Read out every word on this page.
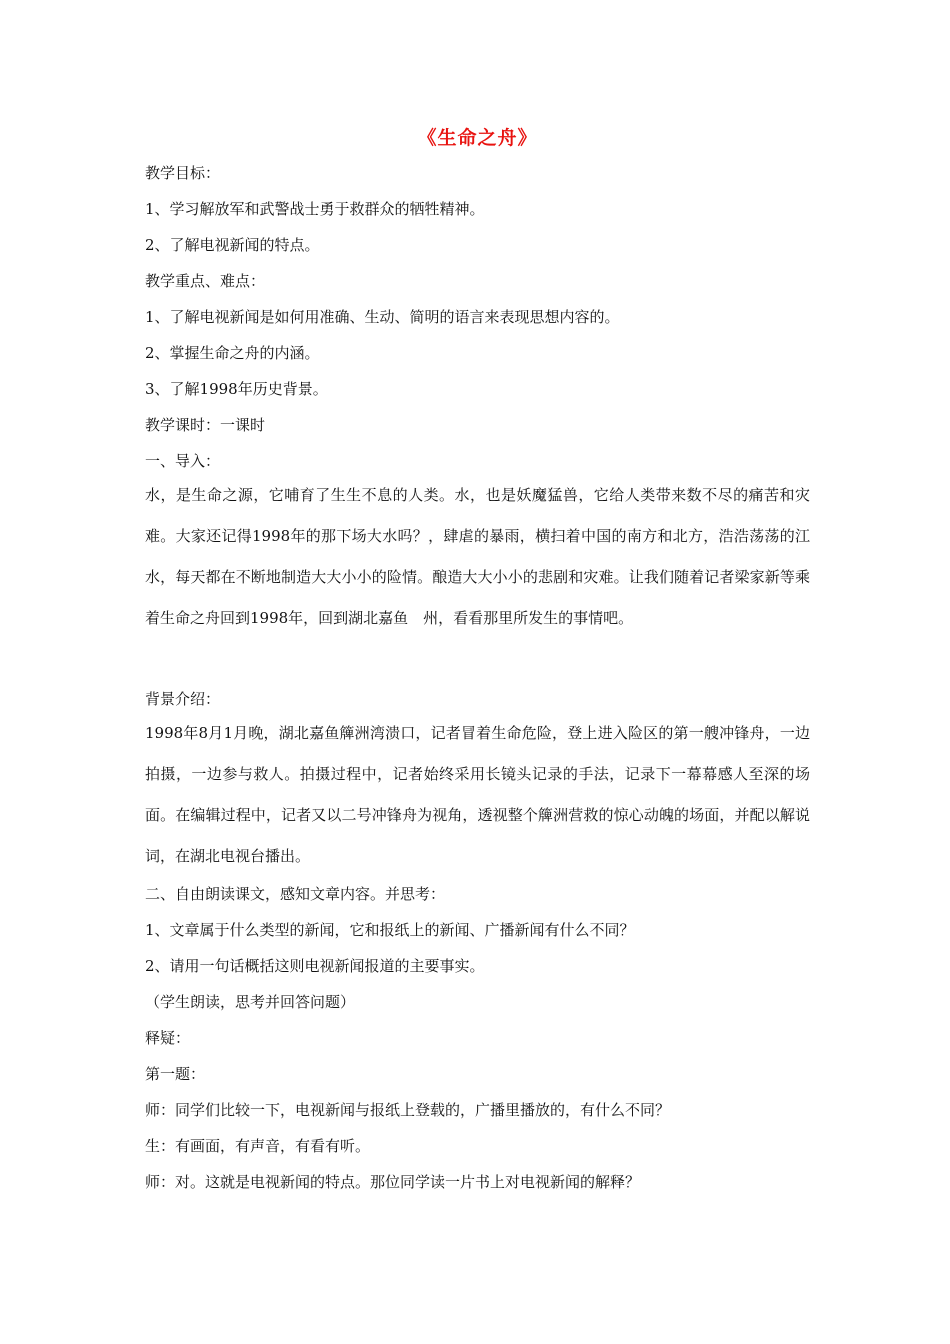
《生命之舟》
教学目标：
1、学习解放军和武警战士勇于救群众的牺牲精神。
2、了解电视新闻的特点。
教学重点、难点：
1、了解电视新闻是如何用准确、生动、简明的语言来表现思想内容的。
2、掌握生命之舟的内涵。
3、了解1998年历史背景。
教学课时：一课时
一、导入：
水，是生命之源，它哺育了生生不息的人类。水，也是妖魔猛兽，它给人类带来数不尽的痛苦和灾难。大家还记得1998年的那下场大水吗？，肆虐的暴雨，横扫着中国的南方和北方，浩浩荡荡的江水，每天都在不断地制造大大小小的险情。酿造大大小小的悲剧和灾难。让我们随着记者梁家新等乘着生命之舟回到1998年，回到湖北嘉鱼　州，看看那里所发生的事情吧。
背景介绍：
1998年8月1月晚，湖北嘉鱼簰洲湾溃口，记者冒着生命危险，登上进入险区的第一艘冲锋舟，一边拍摄，一边参与救人。拍摄过程中，记者始终采用长镜头记录的手法，记录下一幕幕感人至深的场面。在编辑过程中，记者又以二号冲锋舟为视角，透视整个簰洲营救的惊心动魄的场面，并配以解说词，在湖北电视台播出。
二、自由朗读课文，感知文章内容。并思考：
1、文章属于什么类型的新闻，它和报纸上的新闻、广播新闻有什么不同？
2、请用一句话概括这则电视新闻报道的主要事实。
（学生朗读，思考并回答问题）
释疑：
第一题：
师：同学们比较一下，电视新闻与报纸上登载的，广播里播放的，有什么不同？
生：有画面，有声音，有看有听。
师：对。这就是电视新闻的特点。那位同学读一片书上对电视新闻的解释？
